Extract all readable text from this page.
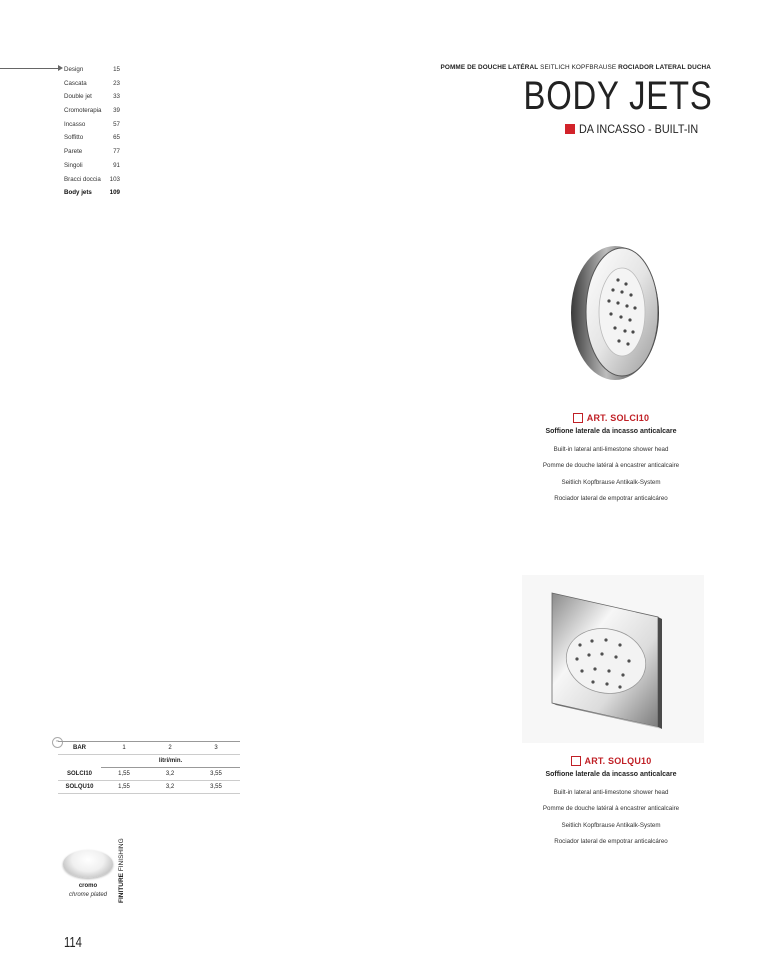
Design	15
Cascata	23
Double jet	33
Cromoterapia 39
Incasso	57
Soffitto	65
Parete	77
Singoli	91
Bracci doccia 103
Body jets	109
POMME DE DOUCHE LATÉRAL SEITLICH KOPFBRAUSE ROCIADOR LATERAL DUCHA
BODY JETS
DA INCASSO - BUILT-IN
ART. SOLCI10
Soffione laterale da incasso anticalcare
Built-in lateral anti-limestone shower head
Pomme de douche latéral à encastrer anticalcaire
Seitlich Kopfbrause Antikalk-System
Rociador lateral de empotrar anticalcáreo
ART. SOLQU10
Soffione laterale da incasso anticalcare
Built-in lateral anti-limestone shower head
Pomme de douche latéral à encastrer anticalcaire
Seitlich Kopfbrause Antikalk-System
Rociador lateral de empotrar anticalcáreo
≈
BAR	1	2	3
litri/min.
SOLCI10	1,55	3,2	3,55
SOLQU10	1,55	3,2	3,55
cromo
chrome plated	FINITURE FINISHING
114
